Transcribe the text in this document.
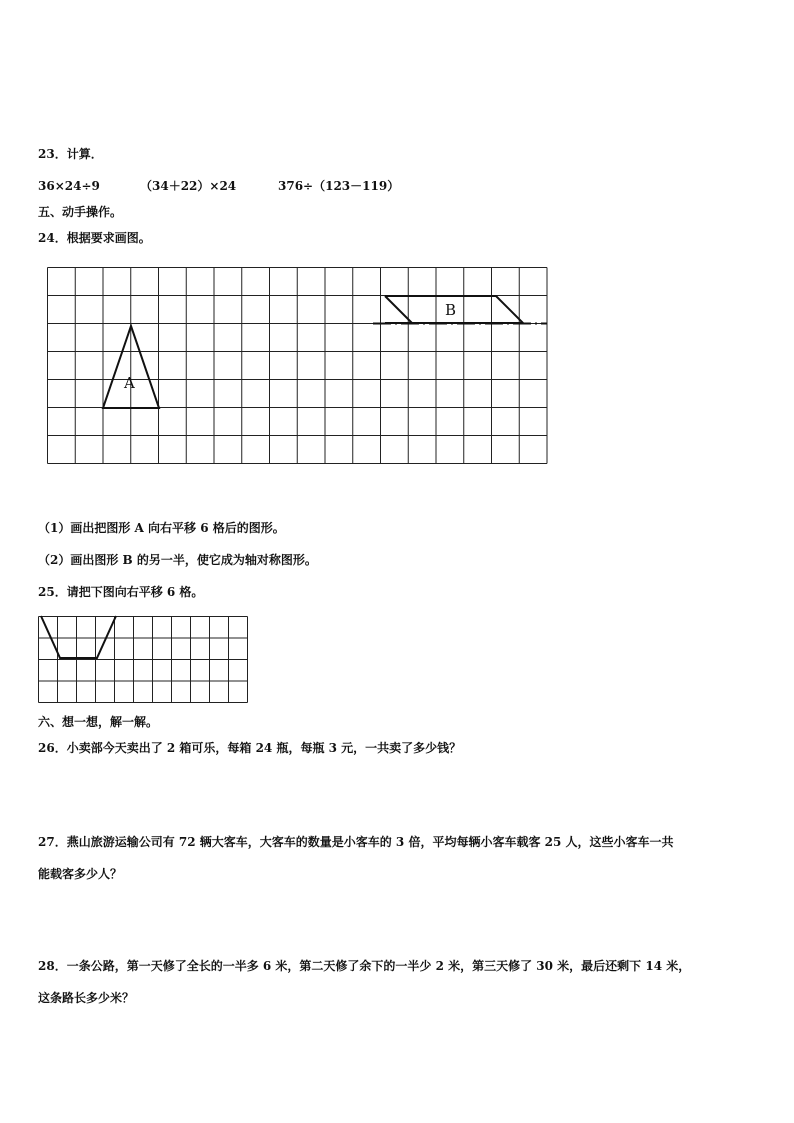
23．计算．
36×24÷9	（34＋22）×24	376÷（123－119）
五、动手操作。
24．根据要求画图。
A
B
（1）画出把图形 A 向右平移 6 格后的图形。
（2）画出图形 B 的另一半，使它成为轴对称图形。
25．请把下图向右平移 6 格。
六、想一想，解一解。
26．小卖部今天卖出了 2 箱可乐，每箱 24 瓶，每瓶 3 元，一共卖了多少钱？
27．燕山旅游运输公司有 72 辆大客车，大客车的数量是小客车的 3 倍，平均每辆小客车载客 25 人，这些小客车一共
能载客多少人？
28．一条公路，第一天修了全长的一半多 6 米，第二天修了余下的一半少 2 米，第三天修了 30 米，最后还剩下 14 米，
这条路长多少米？
